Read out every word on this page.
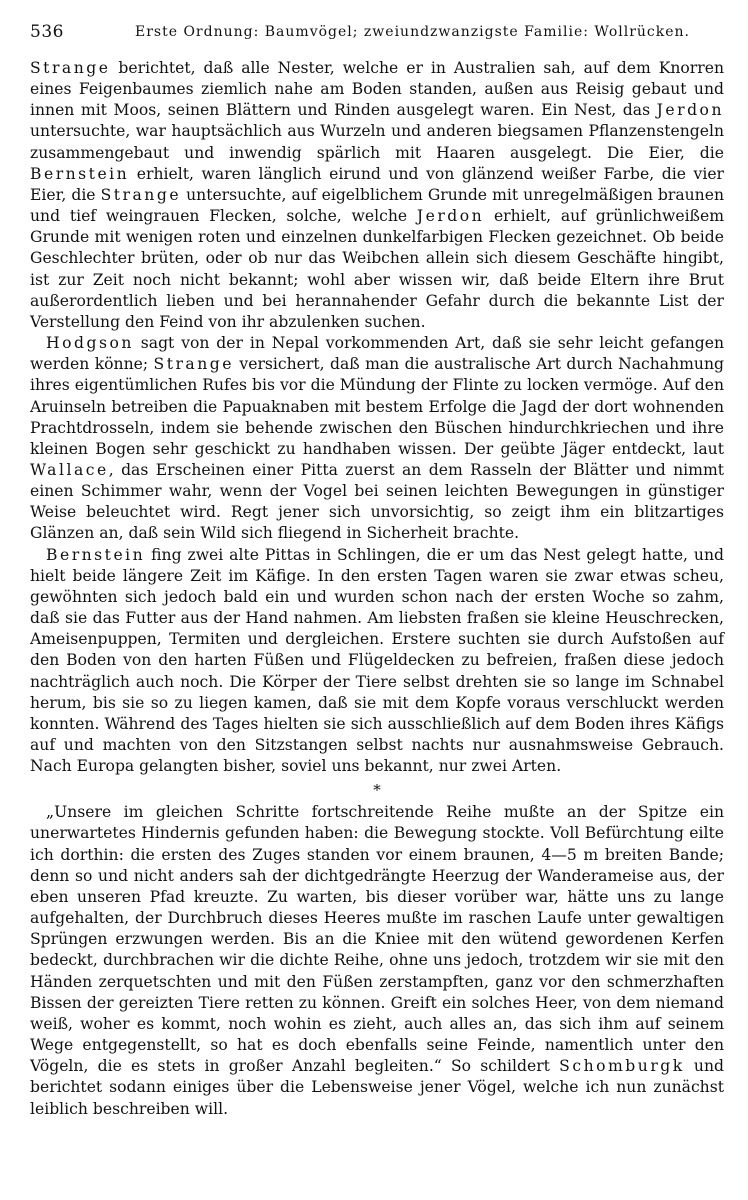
536	Erste Ordnung: Baumvögel; zweiundzwanzigste Familie: Wollrücken.

Strange berichtet, daß alle Nester, welche er in Australien sah, auf dem Knorren eines Feigenbaumes ziemlich nahe am Boden standen, außen aus Reisig gebaut und innen mit Moos, seinen Blättern und Rinden ausgelegt waren. Ein Nest, das Jerdon untersuchte, war hauptsächlich aus Wurzeln und anderen biegsamen Pflanzenstengeln zusammengebaut und inwendig spärlich mit Haaren ausgelegt. Die Eier, die Bernstein erhielt, waren länglich eirund und von glänzend weißer Farbe, die vier Eier, die Strange untersuchte, auf eigelblichem Grunde mit unregelmäßigen braunen und tief weingrauen Flecken, solche, welche Jerdon erhielt, auf grünlichweißem Grunde mit wenigen roten und einzelnen dunkelfarbigen Flecken gezeichnet. Ob beide Geschlechter brüten, oder ob nur das Weibchen allein sich diesem Geschäfte hingibt, ist zur Zeit noch nicht bekannt; wohl aber wissen wir, daß beide Eltern ihre Brut außerordentlich lieben und bei herannahender Gefahr durch die bekannte List der Verstellung den Feind von ihr abzulenken suchen.

Hodgson sagt von der in Nepal vorkommenden Art, daß sie sehr leicht gefangen werden könne; Strange versichert, daß man die australische Art durch Nachahmung ihres eigentümlichen Rufes bis vor die Mündung der Flinte zu locken vermöge. Auf den Aruinseln betreiben die Papuaknaben mit bestem Erfolge die Jagd der dort wohnenden Prachtdrosseln, indem sie behende zwischen den Büschen hindurchkriechen und ihre kleinen Bogen sehr geschickt zu handhaben wissen. Der geübte Jäger entdeckt, laut Wallace, das Erscheinen einer Pitta zuerst an dem Rasseln der Blätter und nimmt einen Schimmer wahr, wenn der Vogel bei seinen leichten Bewegungen in günstiger Weise beleuchtet wird. Regt jener sich unvorsichtig, so zeigt ihm ein blitzartiges Glänzen an, daß sein Wild sich fliegend in Sicherheit brachte.

Bernstein fing zwei alte Pittas in Schlingen, die er um das Nest gelegt hatte, und hielt beide längere Zeit im Käfige. In den ersten Tagen waren sie zwar etwas scheu, gewöhnten sich jedoch bald ein und wurden schon nach der ersten Woche so zahm, daß sie das Futter aus der Hand nahmen. Am liebsten fraßen sie kleine Heuschrecken, Ameisenpuppen, Termiten und dergleichen. Erstere suchten sie durch Aufstoßen auf den Boden von den harten Füßen und Flügeldecken zu befreien, fraßen diese jedoch nachträglich auch noch. Die Körper der Tiere selbst drehten sie so lange im Schnabel herum, bis sie so zu liegen kamen, daß sie mit dem Kopfe voraus verschluckt werden konnten. Während des Tages hielten sie sich ausschließlich auf dem Boden ihres Käfigs auf und machten von den Sitzstangen selbst nachts nur ausnahmsweise Gebrauch. Nach Europa gelangten bisher, soviel uns bekannt, nur zwei Arten.

*

„Unsere im gleichen Schritte fortschreitende Reihe mußte an der Spitze ein unerwartetes Hindernis gefunden haben: die Bewegung stockte. Voll Befürchtung eilte ich dorthin: die ersten des Zuges standen vor einem braunen, 4—5 m breiten Bande; denn so und nicht anders sah der dichtgedrängte Heerzug der Wanderameise aus, der eben unseren Pfad kreuzte. Zu warten, bis dieser vorüber war, hätte uns zu lange aufgehalten, der Durchbruch dieses Heeres mußte im raschen Laufe unter gewaltigen Sprüngen erzwungen werden. Bis an die Kniee mit den wütend gewordenen Kerfen bedeckt, durchbrachen wir die dichte Reihe, ohne uns jedoch, trotzdem wir sie mit den Händen zerquetschten und mit den Füßen zerstampften, ganz vor den schmerzhaften Bissen der gereizten Tiere retten zu können. Greift ein solches Heer, von dem niemand weiß, woher es kommt, noch wohin es zieht, auch alles an, das sich ihm auf seinem Wege entgegenstellt, so hat es doch ebenfalls seine Feinde, namentlich unter den Vögeln, die es stets in großer Anzahl begleiten.“ So schildert Schomburgk und berichtet sodann einiges über die Lebensweise jener Vögel, welche ich nun zunächst leiblich beschreiben will.
